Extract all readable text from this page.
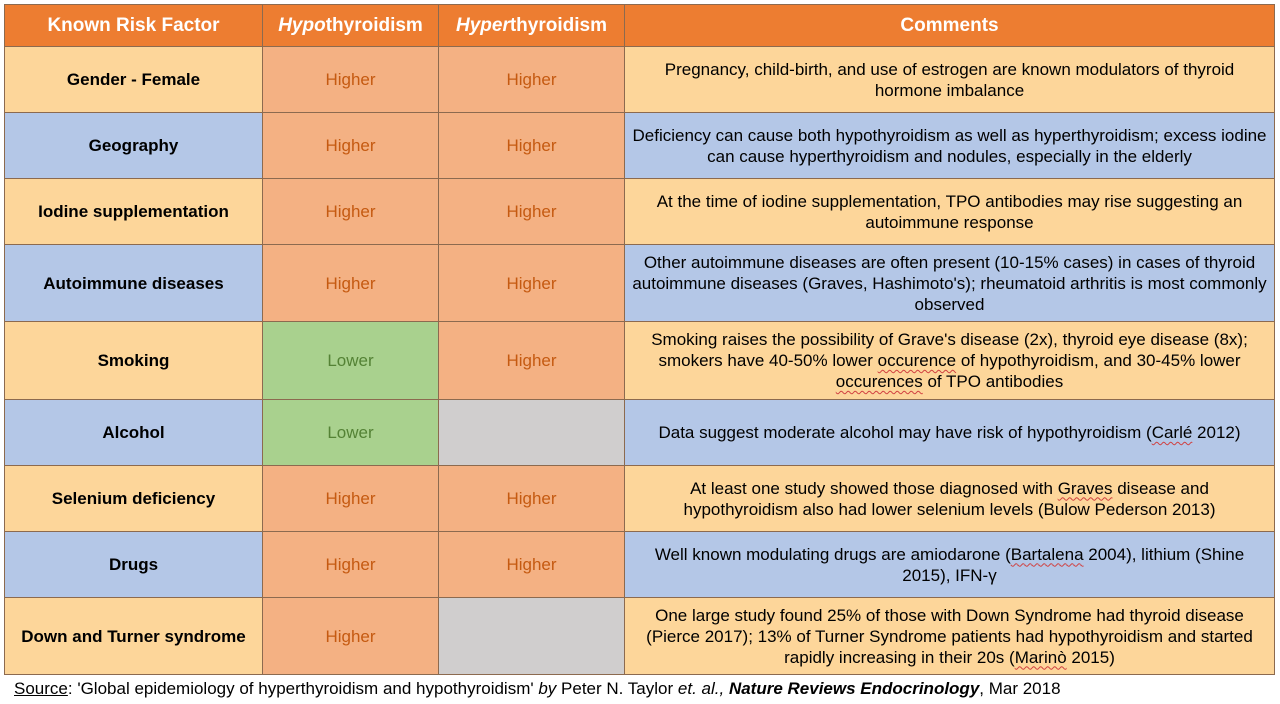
Known Risk Factor	Hypothyroidism	Hyperthyroidism	Comments
Gender - Female	Higher	Higher	Pregnancy, child-birth, and use of estrogen are known modulators of thyroid hormone imbalance
Geography	Higher	Higher	Deficiency can cause both hypothyroidism as well as hyperthyroidism; excess iodine can cause hyperthyroidism and nodules, especially in the elderly
Iodine supplementation	Higher	Higher	At the time of iodine supplementation, TPO antibodies may rise suggesting an autoimmune response
Autoimmune diseases	Higher	Higher	Other autoimmune diseases are often present (10-15% cases) in cases of thyroid autoimmune diseases (Graves, Hashimoto's); rheumatoid arthritis is most commonly observed
Smoking	Lower	Higher	Smoking raises the possibility of Grave's disease (2x), thyroid eye disease (8x); smokers have 40-50% lower occurence of hypothyroidism, and 30-45% lower occurences of TPO antibodies
Alcohol	Lower		Data suggest moderate alcohol may have risk of hypothyroidism (Carlé 2012)
Selenium deficiency	Higher	Higher	At least one study showed those diagnosed with Graves disease and hypothyroidism also had lower selenium levels (Bulow Pederson 2013)
Drugs	Higher	Higher	Well known modulating drugs are amiodarone (Bartalena 2004), lithium (Shine 2015), IFN-γ
Down and Turner syndrome	Higher		One large study found 25% of those with Down Syndrome had thyroid disease (Pierce 2017); 13% of Turner Syndrome patients had hypothyroidism and started rapidly increasing in their 20s (Marinò 2015)
Source: 'Global epidemiology of hyperthyroidism and hypothyroidism' by Peter N. Taylor et. al., Nature Reviews Endocrinology, Mar 2018
